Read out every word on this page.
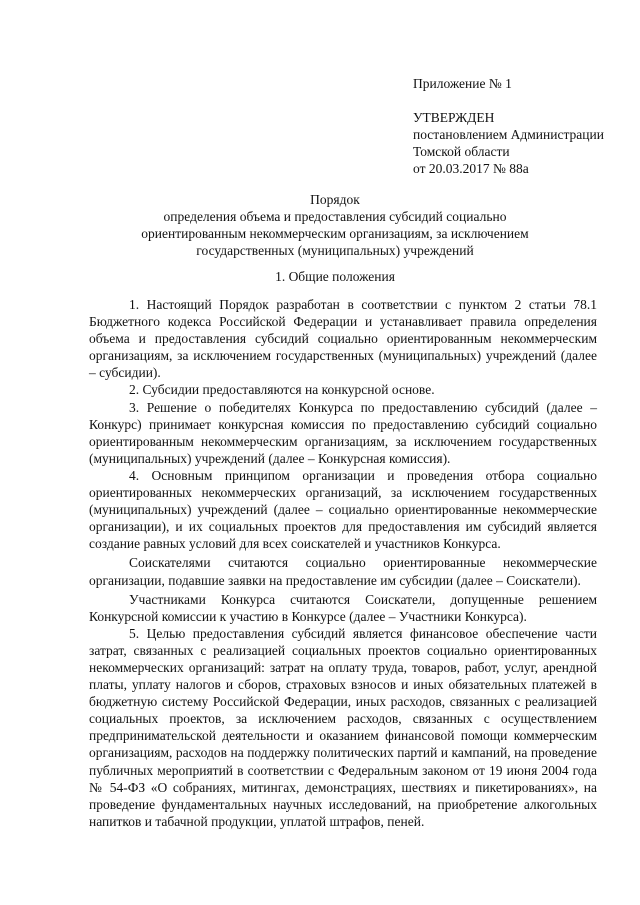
Приложение № 1
УТВЕРЖДЕН
постановлением Администрации
Томской области
от 20.03.2017 № 88а
Порядок
определения объема и предоставления субсидий социально
ориентированным некоммерческим организациям, за исключением
государственных (муниципальных) учреждений
1. Общие положения

1. Настоящий Порядок разработан в соответствии с пунктом 2 статьи 78.1 Бюджетного кодекса Российской Федерации и устанавливает правила определения объема и предоставления субсидий социально ориентированным некоммерческим организациям, за исключением государственных (муниципальных) учреждений (далее – субсидии).

2. Субсидии предоставляются на конкурсной основе.

3. Решение о победителях Конкурса по предоставлению субсидий (далее – Конкурс) принимает конкурсная комиссия по предоставлению субсидий социально ориентированным некоммерческим организациям, за исключением государственных (муниципальных) учреждений (далее – Конкурсная комиссия).

4. Основным принципом организации и проведения отбора социально ориентированных некоммерческих организаций, за исключением государственных (муниципальных) учреждений (далее – социально ориентированные некоммерческие организации), и их социальных проектов для предоставления им субсидий является создание равных условий для всех соискателей и участников Конкурса.

Соискателями считаются социально ориентированные некоммерческие организации, подавшие заявки на предоставление им субсидии (далее – Соискатели).

Участниками Конкурса считаются Соискатели, допущенные решением Конкурсной комиссии к участию в Конкурсе (далее – Участники Конкурса).

5. Целью предоставления субсидий является финансовое обеспечение части затрат, связанных с реализацией социальных проектов социально ориентированных некоммерческих организаций: затрат на оплату труда, товаров, работ, услуг, арендной платы, уплату налогов и сборов, страховых взносов и иных обязательных платежей в бюджетную систему Российской Федерации, иных расходов, связанных с реализацией социальных проектов, за исключением расходов, связанных с осуществлением предпринимательской деятельности и оказанием финансовой помощи коммерческим организациям, расходов на поддержку политических партий и кампаний, на проведение публичных мероприятий в соответствии с Федеральным законом от 19 июня 2004 года № 54-ФЗ «О собраниях, митингах, демонстрациях, шествиях и пикетированиях», на проведение фундаментальных научных исследований, на приобретение алкогольных напитков и табачной продукции, уплатой штрафов, пеней.
